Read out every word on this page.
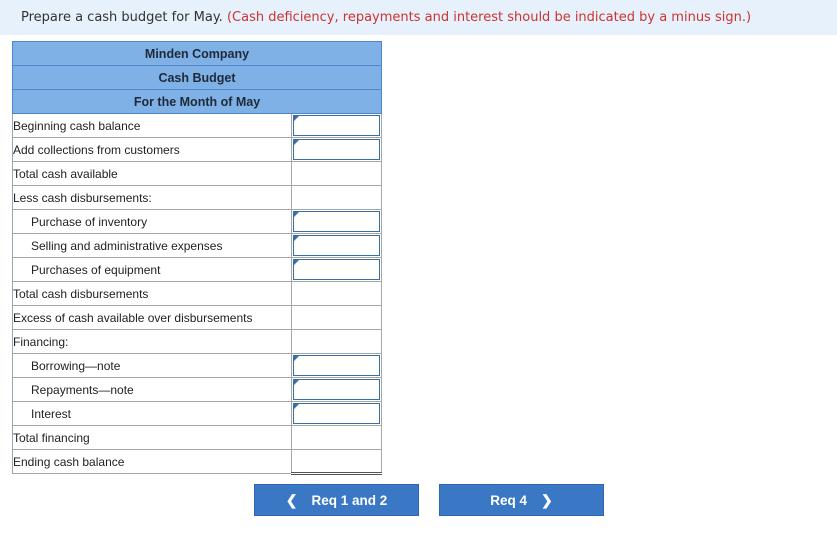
Prepare a cash budget for May. (Cash deficiency, repayments and interest should be indicated by a minus sign.)
Minden Company	
Cash Budget	
For the Month of May	
Beginning cash balance	

Add collections from customers	

Total cash available	
Less cash disbursements:	
Purchase of inventory	

Selling and administrative expenses	

Purchases of equipment	

Total cash disbursements	
Excess of cash available over disbursements	
Financing:	
Borrowing—note	

Repayments—note	

Interest	

Total financing	
Ending cash balance	
❮ Req 1 and 2	Req 4 ❯
